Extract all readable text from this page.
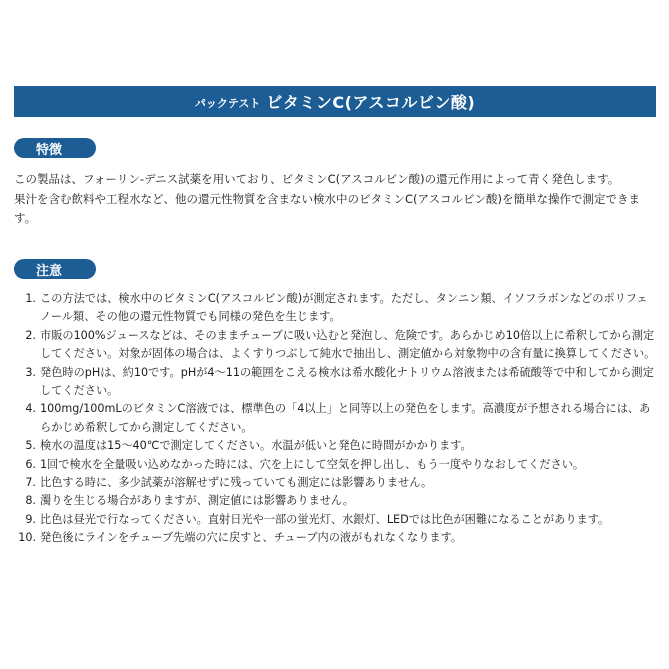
パックテスト ビタミンC(アスコルビン酸)
特徴

この製品は、フォーリン-デニス試薬を用いており、ビタミンC(アスコルビン酸)の還元作用によって青く発色します。

果汁を含む飲料や工程水など、他の還元性物質を含まない検水中のビタミンC(アスコルビン酸)を簡単な操作で測定できます。

注意
1. この方法では、検水中のビタミンC(アスコルビン酸)が測定されます。ただし、タンニン類、イソフラボンなどのポリフェノール類、その他の還元性物質でも同様の発色を生じます。
2. 市販の100%ジュースなどは、そのままチューブに吸い込むと発泡し、危険です。あらかじめ10倍以上に希釈してから測定してください。対象が固体の場合は、よくすりつぶして純水で抽出し、測定値から対象物中の含有量に換算してください。
3. 発色時のpHは、約10です。pHが4〜11の範囲をこえる検水は希水酸化ナトリウム溶液または希硫酸等で中和してから測定してください。
4. 100mg/100mLのビタミンC溶液では、標準色の「4以上」と同等以上の発色をします。高濃度が予想される場合には、あらかじめ希釈してから測定してください。
5. 検水の温度は15〜40℃で測定してください。水温が低いと発色に時間がかかります。
6. 1回で検水を全量吸い込めなかった時には、穴を上にして空気を押し出し、もう一度やりなおしてください。
7. 比色する時に、多少試薬が溶解せずに残っていても測定には影響ありません。
8. 濁りを生じる場合がありますが、測定値には影響ありません。
9. 比色は昼光で行なってください。直射日光や一部の蛍光灯、水銀灯、LEDでは比色が困難になることがあります。
10. 発色後にラインをチューブ先端の穴に戻すと、チューブ内の液がもれなくなります。
